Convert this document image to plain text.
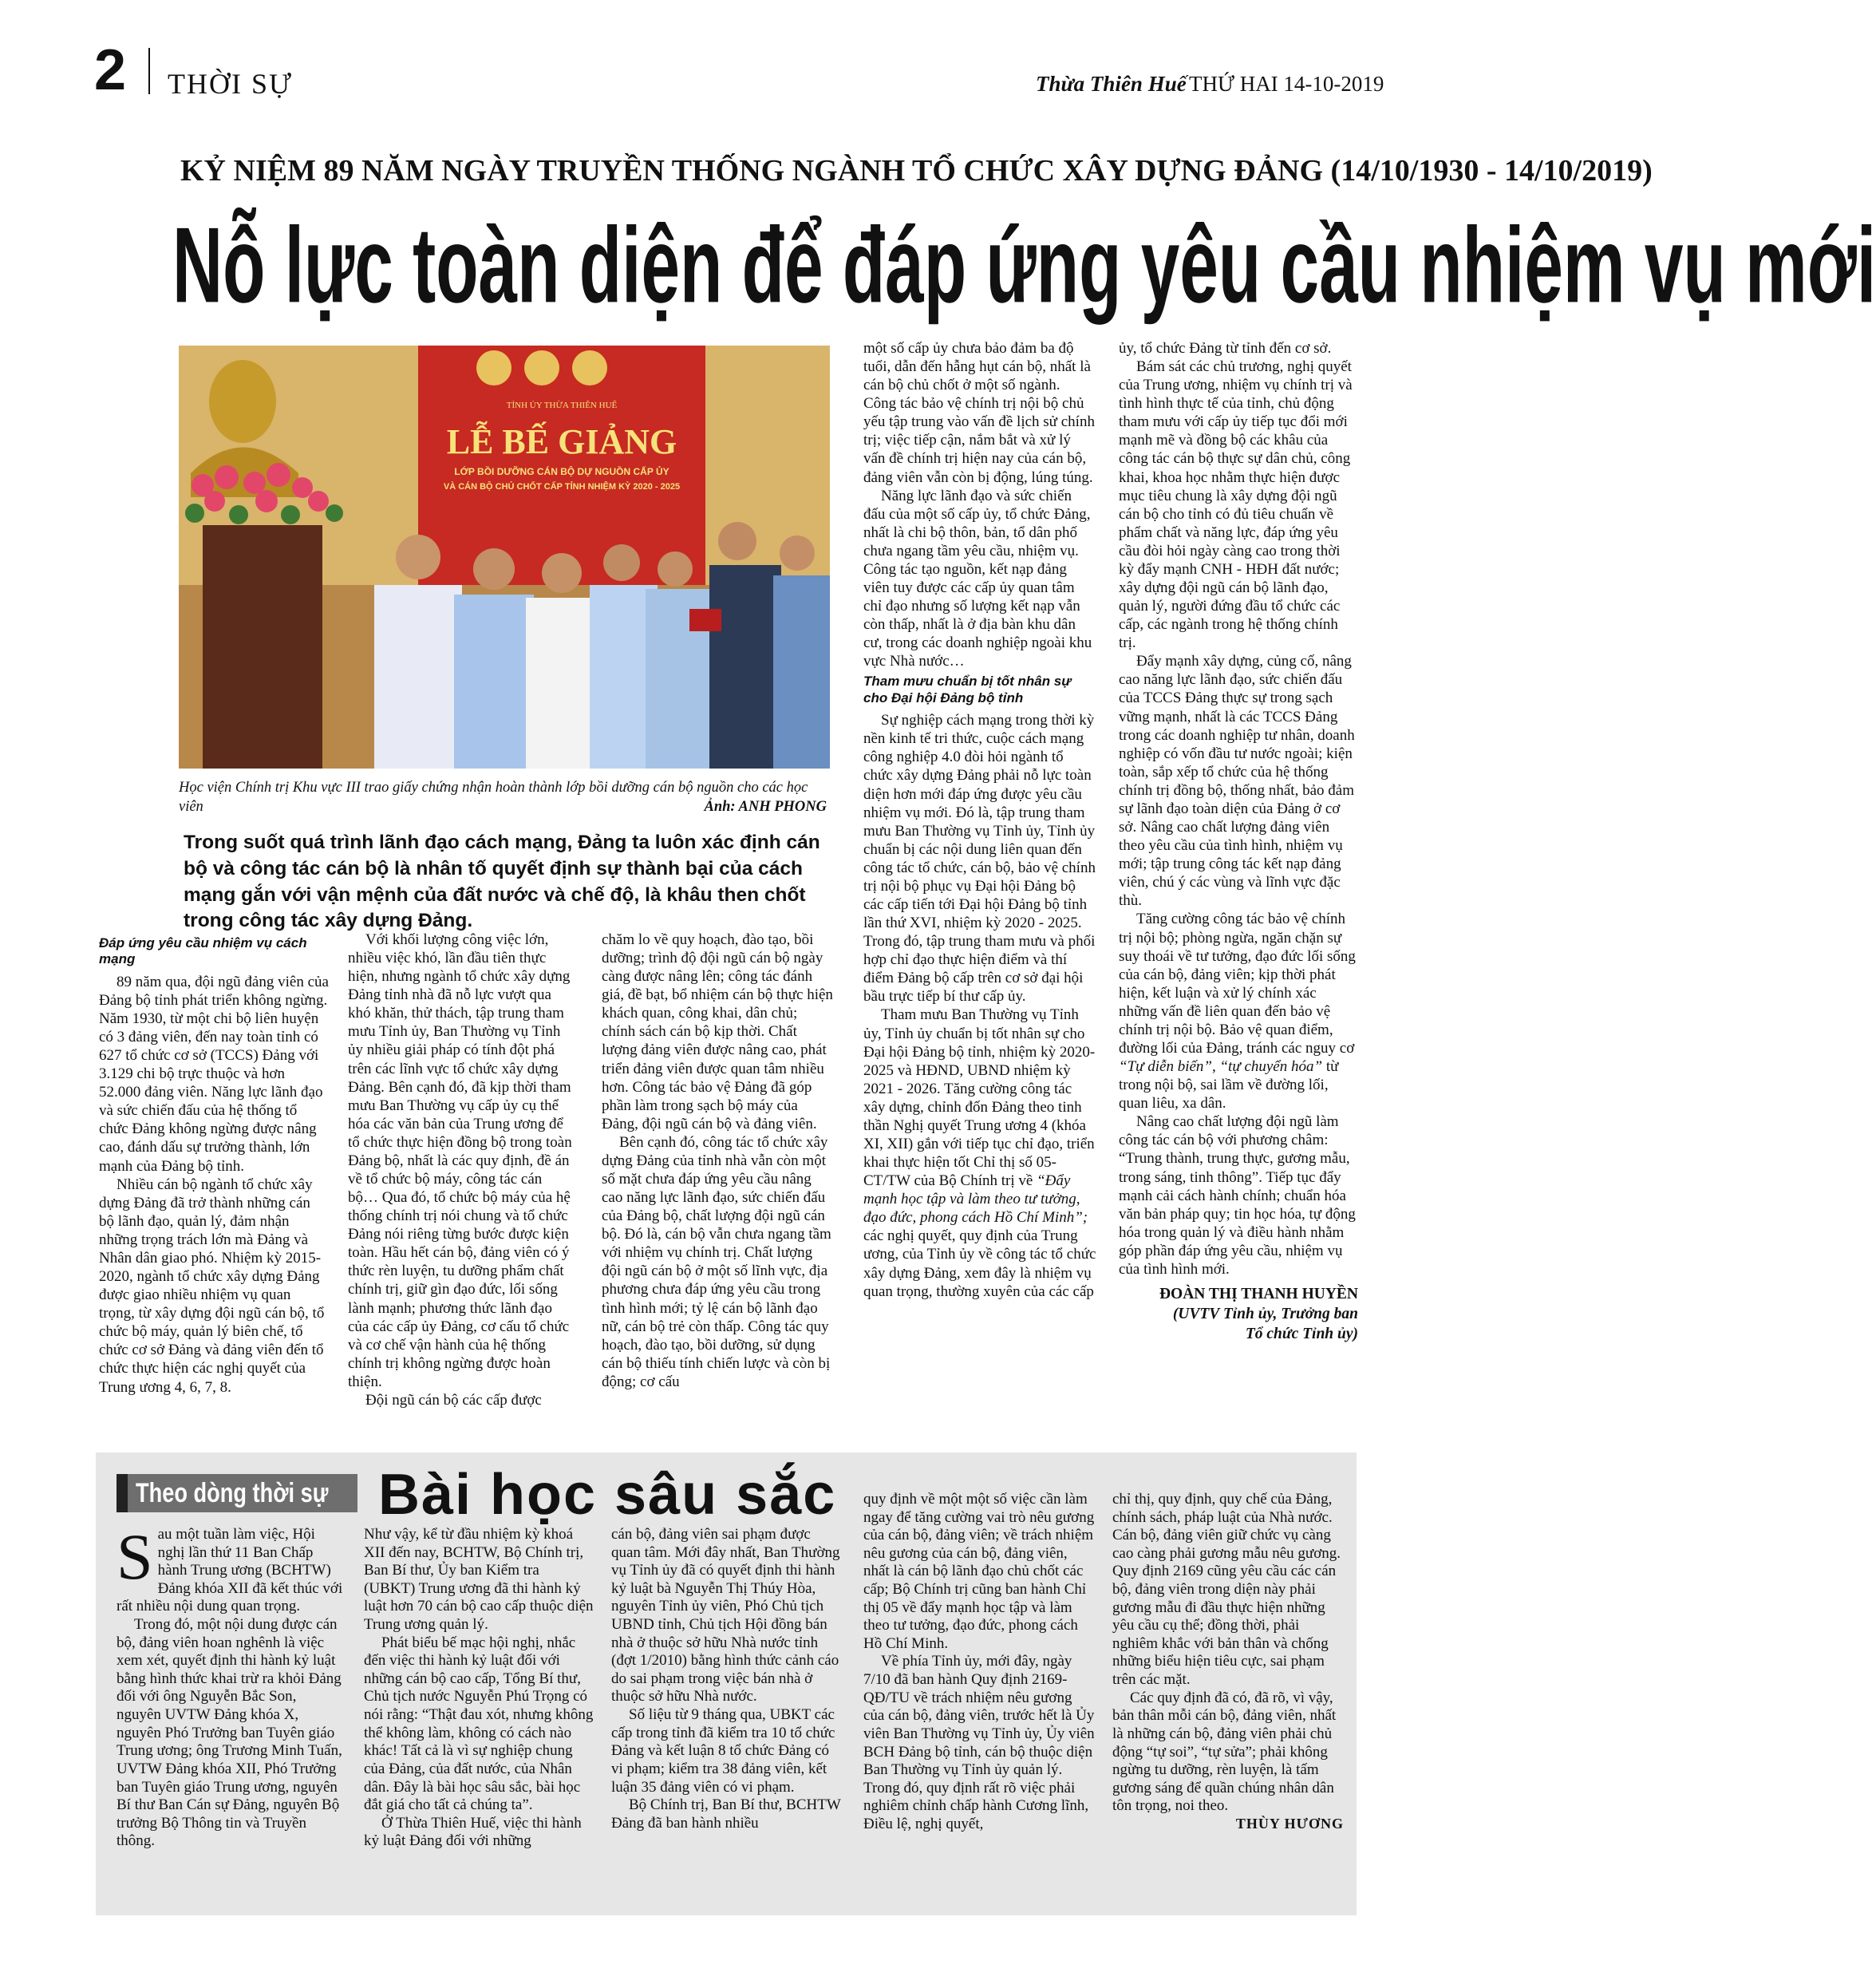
2 THỜI SỰ	Thừa Thiên Huế THỨ HAI 14-10-2019
KỶ NIỆM 89 NĂM NGÀY TRUYỀN THỐNG NGÀNH TỔ CHỨC XÂY DỰNG ĐẢNG (14/10/1930 - 14/10/2019)
Nỗ lực toàn diện để đáp ứng yêu cầu nhiệm vụ mới
TỈNH ỦY THỪA THIÊN HUẾ
LỄ BẾ GIẢNG
LỚP BỒI DƯỠNG CÁN BỘ DỰ NGUỒN CẤP ỦY
VÀ CÁN BỘ CHỦ CHỐT CẤP TỈNH NHIỆM KỲ 2020 - 2025
Học viện Chính trị Khu vực III trao giấy chứng nhận hoàn thành lớp bồi dưỡng cán bộ nguồn cho các học viên	Ảnh: ANH PHONG
Trong suốt quá trình lãnh đạo cách mạng, Đảng ta luôn xác định cán bộ và công tác cán bộ là nhân tố quyết định sự thành bại của cách mạng gắn với vận mệnh của đất nước và chế độ, là khâu then chốt trong công tác xây dựng Đảng.
Đáp ứng yêu cầu nhiệm vụ cách mạng

89 năm qua, đội ngũ đảng viên của Đảng bộ tỉnh phát triển không ngừng. Năm 1930, từ một chi bộ liên huyện có 3 đảng viên, đến nay toàn tỉnh có 627 tổ chức cơ sở (TCCS) Đảng với 3.129 chi bộ trực thuộc và hơn 52.000 đảng viên. Năng lực lãnh đạo và sức chiến đấu của hệ thống tổ chức Đảng không ngừng được nâng cao, đánh dấu sự trưởng thành, lớn mạnh của Đảng bộ tỉnh.

Nhiều cán bộ ngành tổ chức xây dựng Đảng đã trở thành những cán bộ lãnh đạo, quản lý, đảm nhận những trọng trách lớn mà Đảng và Nhân dân giao phó. Nhiệm kỳ 2015-2020, ngành tổ chức xây dựng Đảng được giao nhiều nhiệm vụ quan trọng, từ xây dựng đội ngũ cán bộ, tổ chức bộ máy, quản lý biên chế, tổ chức cơ sở Đảng và đảng viên đến tổ chức thực hiện các nghị quyết của Trung ương 4, 6, 7, 8.

Với khối lượng công việc lớn, nhiều việc khó, lần đầu tiên thực hiện, nhưng ngành tổ chức xây dựng Đảng tỉnh nhà đã nỗ lực vượt qua khó khăn, thử thách, tập trung tham mưu Tỉnh ủy, Ban Thường vụ Tỉnh ủy nhiều giải pháp có tính đột phá trên các lĩnh vực tổ chức xây dựng Đảng. Bên cạnh đó, đã kịp thời tham mưu Ban Thường vụ cấp ủy cụ thể hóa các văn bản của Trung ương để tổ chức thực hiện đồng bộ trong toàn Đảng bộ, nhất là các quy định, đề án về tổ chức bộ máy, công tác cán bộ… Qua đó, tổ chức bộ máy của hệ thống chính trị nói chung và tổ chức Đảng nói riêng từng bước được kiện toàn. Hầu hết cán bộ, đảng viên có ý thức rèn luyện, tu dưỡng phẩm chất chính trị, giữ gìn đạo đức, lối sống lành mạnh; phương thức lãnh đạo của các cấp ủy Đảng, cơ cấu tổ chức và cơ chế vận hành của hệ thống chính trị không ngừng được hoàn thiện.

Đội ngũ cán bộ các cấp được

chăm lo về quy hoạch, đào tạo, bồi dưỡng; trình độ đội ngũ cán bộ ngày càng được nâng lên; công tác đánh giá, đề bạt, bổ nhiệm cán bộ thực hiện khách quan, công khai, dân chủ; chính sách cán bộ kịp thời. Chất lượng đảng viên được nâng cao, phát triển đảng viên được quan tâm nhiều hơn. Công tác bảo vệ Đảng đã góp phần làm trong sạch bộ máy của Đảng, đội ngũ cán bộ và đảng viên.

Bên cạnh đó, công tác tổ chức xây dựng Đảng của tỉnh nhà vẫn còn một số mặt chưa đáp ứng yêu cầu nâng cao năng lực lãnh đạo, sức chiến đấu của Đảng bộ, chất lượng đội ngũ cán bộ. Đó là, cán bộ vẫn chưa ngang tầm với nhiệm vụ chính trị. Chất lượng đội ngũ cán bộ ở một số lĩnh vực, địa phương chưa đáp ứng yêu cầu trong tình hình mới; tỷ lệ cán bộ lãnh đạo nữ, cán bộ trẻ còn thấp. Công tác quy hoạch, đào tạo, bồi dưỡng, sử dụng cán bộ thiếu tính chiến lược và còn bị động; cơ cấu

một số cấp ủy chưa bảo đảm ba độ tuổi, dẫn đến hẫng hụt cán bộ, nhất là cán bộ chủ chốt ở một số ngành. Công tác bảo vệ chính trị nội bộ chủ yếu tập trung vào vấn đề lịch sử chính trị; việc tiếp cận, nắm bắt và xử lý vấn đề chính trị hiện nay của cán bộ, đảng viên vẫn còn bị động, lúng túng.

Năng lực lãnh đạo và sức chiến đấu của một số cấp ủy, tổ chức Đảng, nhất là chi bộ thôn, bản, tổ dân phố chưa ngang tầm yêu cầu, nhiệm vụ. Công tác tạo nguồn, kết nạp đảng viên tuy được các cấp ủy quan tâm chỉ đạo nhưng số lượng kết nạp vẫn còn thấp, nhất là ở địa bàn khu dân cư, trong các doanh nghiệp ngoài khu vực Nhà nước…

Tham mưu chuẩn bị tốt nhân sự cho Đại hội Đảng bộ tỉnh

Sự nghiệp cách mạng trong thời kỳ nền kinh tế tri thức, cuộc cách mạng công nghiệp 4.0 đòi hỏi ngành tổ chức xây dựng Đảng phải nỗ lực toàn diện hơn mới đáp ứng được yêu cầu nhiệm vụ mới. Đó là, tập trung tham mưu Ban Thường vụ Tỉnh ủy, Tỉnh ủy chuẩn bị các nội dung liên quan đến công tác tổ chức, cán bộ, bảo vệ chính trị nội bộ phục vụ Đại hội Đảng bộ các cấp tiến tới Đại hội Đảng bộ tỉnh lần thứ XVI, nhiệm kỳ 2020 - 2025. Trong đó, tập trung tham mưu và phối hợp chỉ đạo thực hiện điểm và thí điểm Đảng bộ cấp trên cơ sở đại hội bầu trực tiếp bí thư cấp ủy.

Tham mưu Ban Thường vụ Tỉnh ủy, Tỉnh ủy chuẩn bị tốt nhân sự cho Đại hội Đảng bộ tỉnh, nhiệm kỳ 2020-2025 và HĐND, UBND nhiệm kỳ 2021 - 2026. Tăng cường công tác xây dựng, chỉnh đốn Đảng theo tinh thần Nghị quyết Trung ương 4 (khóa XI, XII) gắn với tiếp tục chỉ đạo, triển khai thực hiện tốt Chỉ thị số 05-CT/TW của Bộ Chính trị về “Đẩy mạnh học tập và làm theo tư tưởng, đạo đức, phong cách Hồ Chí Minh”; các nghị quyết, quy định của Trung ương, của Tỉnh ủy về công tác tổ chức xây dựng Đảng, xem đây là nhiệm vụ quan trọng, thường xuyên của các cấp

ủy, tổ chức Đảng từ tỉnh đến cơ sở.

Bám sát các chủ trương, nghị quyết của Trung ương, nhiệm vụ chính trị và tình hình thực tế của tỉnh, chủ động tham mưu với cấp ủy tiếp tục đổi mới mạnh mẽ và đồng bộ các khâu của công tác cán bộ thực sự dân chủ, công khai, khoa học nhằm thực hiện được mục tiêu chung là xây dựng đội ngũ cán bộ cho tỉnh có đủ tiêu chuẩn về phẩm chất và năng lực, đáp ứng yêu cầu đòi hỏi ngày càng cao trong thời kỳ đẩy mạnh CNH - HĐH đất nước; xây dựng đội ngũ cán bộ lãnh đạo, quản lý, người đứng đầu tổ chức các cấp, các ngành trong hệ thống chính trị.

Đẩy mạnh xây dựng, củng cố, nâng cao năng lực lãnh đạo, sức chiến đấu của TCCS Đảng thực sự trong sạch vững mạnh, nhất là các TCCS Đảng trong các doanh nghiệp tư nhân, doanh nghiệp có vốn đầu tư nước ngoài; kiện toàn, sắp xếp tổ chức của hệ thống chính trị đồng bộ, thống nhất, bảo đảm sự lãnh đạo toàn diện của Đảng ở cơ sở. Nâng cao chất lượng đảng viên theo yêu cầu của tình hình, nhiệm vụ mới; tập trung công tác kết nạp đảng viên, chú ý các vùng và lĩnh vực đặc thù.

Tăng cường công tác bảo vệ chính trị nội bộ; phòng ngừa, ngăn chặn sự suy thoái về tư tưởng, đạo đức lối sống của cán bộ, đảng viên; kịp thời phát hiện, kết luận và xử lý chính xác những vấn đề liên quan đến bảo vệ chính trị nội bộ. Bảo vệ quan điểm, đường lối của Đảng, tránh các nguy cơ “Tự diễn biến”, “tự chuyển hóa” từ trong nội bộ, sai lầm về đường lối, quan liêu, xa dân.

Nâng cao chất lượng đội ngũ làm công tác cán bộ với phương châm: “Trung thành, trung thực, gương mẫu, trong sáng, tinh thông”. Tiếp tục đẩy mạnh cải cách hành chính; chuẩn hóa văn bản pháp quy; tin học hóa, tự động hóa trong quản lý và điều hành nhằm góp phần đáp ứng yêu cầu, nhiệm vụ của tình hình mới.

ĐOÀN THỊ THANH HUYỀN
(UVTV Tỉnh ủy, Trưởng ban
Tổ chức Tỉnh ủy)
Theo dòng thời sự Bài học sâu sắc

S au một tuần làm việc, Hội nghị lần thứ 11 Ban Chấp hành Trung ương (BCHTW) Đảng khóa XII đã kết thúc với rất nhiều nội dung quan trọng.

Trong đó, một nội dung được cán bộ, đảng viên hoan nghênh là việc xem xét, quyết định thi hành kỷ luật bằng hình thức khai trừ ra khỏi Đảng đối với ông Nguyễn Bắc Son, nguyên UVTW Đảng khóa X, nguyên Phó Trưởng ban Tuyên giáo Trung ương; ông Trương Minh Tuấn, UVTW Đảng khóa XII, Phó Trưởng ban Tuyên giáo Trung ương, nguyên Bí thư Ban Cán sự Đảng, nguyên Bộ trưởng Bộ Thông tin và Truyền thông.

Như vậy, kể từ đầu nhiệm kỳ khoá XII đến nay, BCHTW, Bộ Chính trị, Ban Bí thư, Ủy ban Kiểm tra (UBKT) Trung ương đã thi hành kỷ luật hơn 70 cán bộ cao cấp thuộc diện Trung ương quản lý.

Phát biểu bế mạc hội nghị, nhắc đến việc thi hành kỷ luật đối với những cán bộ cao cấp, Tổng Bí thư, Chủ tịch nước Nguyễn Phú Trọng có nói rằng: “Thật đau xót, nhưng không thể không làm, không có cách nào khác! Tất cả là vì sự nghiệp chung của Đảng, của đất nước, của Nhân dân. Đây là bài học sâu sắc, bài học đắt giá cho tất cả chúng ta”.

Ở Thừa Thiên Huế, việc thi hành kỷ luật Đảng đối với những

cán bộ, đảng viên sai phạm được quan tâm. Mới đây nhất, Ban Thường vụ Tỉnh ủy đã có quyết định thi hành kỷ luật bà Nguyễn Thị Thúy Hòa, nguyên Tỉnh ủy viên, Phó Chủ tịch UBND tỉnh, Chủ tịch Hội đồng bán nhà ở thuộc sở hữu Nhà nước tỉnh (đợt 1/2010) bằng hình thức cảnh cáo do sai phạm trong việc bán nhà ở thuộc sở hữu Nhà nước.

Số liệu từ 9 tháng qua, UBKT các cấp trong tỉnh đã kiểm tra 10 tổ chức Đảng và kết luận 8 tổ chức Đảng có vi phạm; kiểm tra 38 đảng viên, kết luận 35 đảng viên có vi phạm.

Bộ Chính trị, Ban Bí thư, BCHTW Đảng đã ban hành nhiều

quy định về một một số việc cần làm ngay để tăng cường vai trò nêu gương của cán bộ, đảng viên; về trách nhiệm nêu gương của cán bộ, đảng viên, nhất là cán bộ lãnh đạo chủ chốt các cấp; Bộ Chính trị cũng ban hành Chỉ thị 05 về đẩy mạnh học tập và làm theo tư tưởng, đạo đức, phong cách Hồ Chí Minh.

Về phía Tỉnh ủy, mới đây, ngày 7/10 đã ban hành Quy định 2169-QĐ/TU về trách nhiệm nêu gương của cán bộ, đảng viên, trước hết là Ủy viên Ban Thường vụ Tỉnh ủy, Ủy viên BCH Đảng bộ tỉnh, cán bộ thuộc diện Ban Thường vụ Tỉnh ủy quản lý. Trong đó, quy định rất rõ việc phải nghiêm chỉnh chấp hành Cương lĩnh, Điều lệ, nghị quyết,

chỉ thị, quy định, quy chế của Đảng, chính sách, pháp luật của Nhà nước. Cán bộ, đảng viên giữ chức vụ càng cao càng phải gương mẫu nêu gương. Quy định 2169 cũng yêu cầu các cán bộ, đảng viên trong diện này phải gương mẫu đi đầu thực hiện những yêu cầu cụ thể; đồng thời, phải nghiêm khắc với bản thân và chống những biểu hiện tiêu cực, sai phạm trên các mặt.

Các quy định đã có, đã rõ, vì vậy, bản thân mỗi cán bộ, đảng viên, nhất là những cán bộ, đảng viên phải chủ động “tự soi”, “tự sửa”; phải không ngừng tu dưỡng, rèn luyện, là tấm gương sáng để quần chúng nhân dân tôn trọng, noi theo.

THÙY HƯƠNG
